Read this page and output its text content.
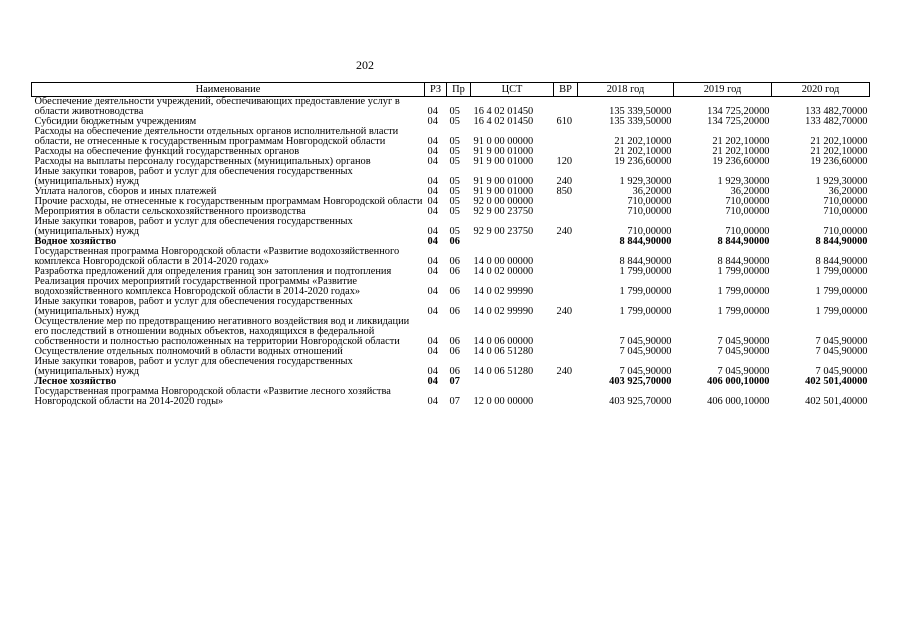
202
Наименование	РЗ	Пр	ЦСТ	ВР	2018 год	2019 год	2020 год
Обеспечение деятельности учреждений, обеспечивающих предоставление услуг в области животноводства	04	05	16 4 02 01450		135 339,50000	134 725,20000	133 482,70000
Субсидии бюджетным учреждениям	04	05	16 4 02 01450	610	135 339,50000	134 725,20000	133 482,70000
Расходы на обеспечение деятельности отдельных органов исполнительной власти области, не отнесенные к государственным программам Новгородской области	04	05	91 0 00 00000		21 202,10000	21 202,10000	21 202,10000
Расходы на обеспечение функций государственных органов	04	05	91 9 00 01000		21 202,10000	21 202,10000	21 202,10000
Расходы на выплаты персоналу государственных (муниципальных) органов	04	05	91 9 00 01000	120	19 236,60000	19 236,60000	19 236,60000
Иные закупки товаров, работ и услуг для обеспечения государственных (муниципальных) нужд	04	05	91 9 00 01000	240	1 929,30000	1 929,30000	1 929,30000
Уплата налогов, сборов и иных платежей	04	05	91 9 00 01000	850	36,20000	36,20000	36,20000
Прочие расходы, не отнесенные к государственным программам Новгородской области	04	05	92 0 00 00000		710,00000	710,00000	710,00000
Мероприятия в области сельскохозяйственного производства	04	05	92 9 00 23750		710,00000	710,00000	710,00000
Иные закупки товаров, работ и услуг для обеспечения государственных (муниципальных) нужд	04	05	92 9 00 23750	240	710,00000	710,00000	710,00000
Водное хозяйство	04	06			8 844,90000	8 844,90000	8 844,90000
Государственная программа Новгородской области «Развитие водохозяйственного комплекса Новгородской области в 2014-2020 годах»	04	06	14 0 00 00000		8 844,90000	8 844,90000	8 844,90000
Разработка предложений для определения границ зон затопления и подтопления	04	06	14 0 02 00000		1 799,00000	1 799,00000	1 799,00000
Реализация прочих мероприятий государственной программы «Развитие водохозяйственного комплекса Новгородской области в 2014-2020 годах»	04	06	14 0 02 99990		1 799,00000	1 799,00000	1 799,00000
Иные закупки товаров, работ и услуг для обеспечения государственных (муниципальных) нужд	04	06	14 0 02 99990	240	1 799,00000	1 799,00000	1 799,00000
Осуществление мер по предотвращению негативного воздействия вод и ликвидации его последствий в отношении водных объектов, находящихся в федеральной собственности и полностью расположенных на территории Новгородской области	04	06	14 0 06 00000		7 045,90000	7 045,90000	7 045,90000
Осуществление отдельных полномочий в области водных отношений	04	06	14 0 06 51280		7 045,90000	7 045,90000	7 045,90000
Иные закупки товаров, работ и услуг для обеспечения государственных (муниципальных) нужд	04	06	14 0 06 51280	240	7 045,90000	7 045,90000	7 045,90000
Лесное хозяйство	04	07			403 925,70000	406 000,10000	402 501,40000
Государственная программа Новгородской области «Развитие лесного хозяйства Новгородской области на 2014-2020 годы»	04	07	12 0 00 00000		403 925,70000	406 000,10000	402 501,40000
